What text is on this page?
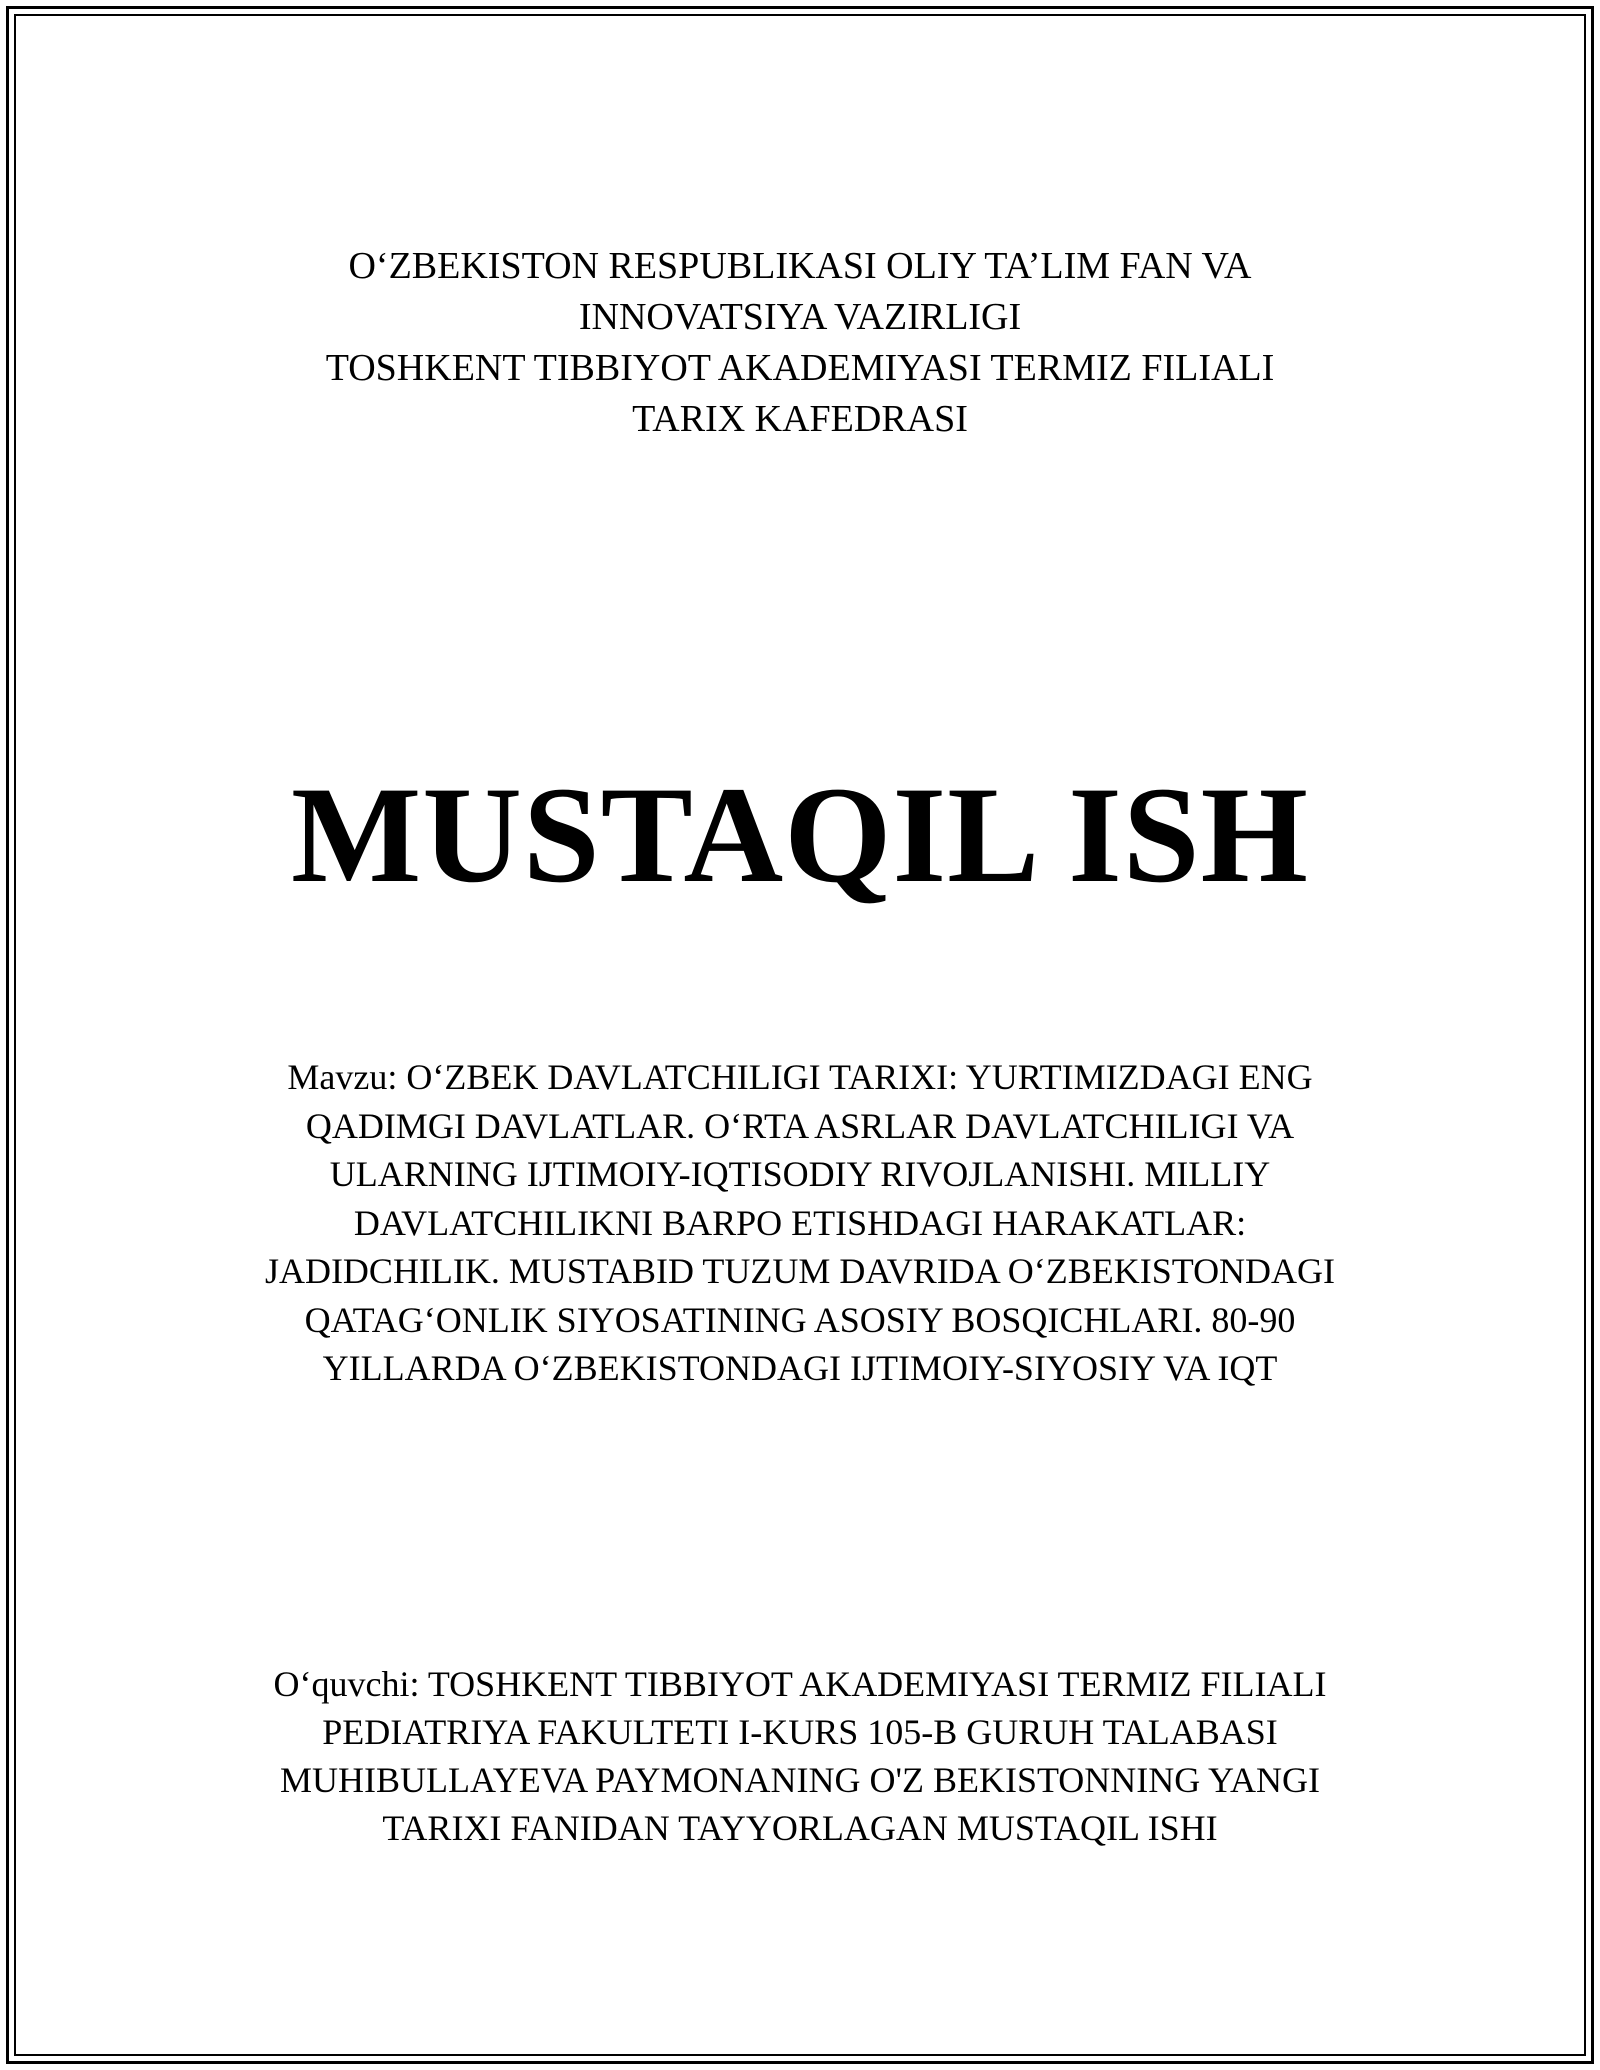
O‘ZBEKISTON RESPUBLIKASI OLIY TA’LIM FAN VA
INNOVATSIYA VAZIRLIGI
TOSHKENT TIBBIYOT AKADEMIYASI TERMIZ FILIALI
TARIX KAFEDRASI
MUSTAQIL ISH
Mavzu: O‘ZBEK DAVLATCHILIGI TARIXI: YURTIMIZDAGI ENG
QADIMGI DAVLATLAR. O‘RTA ASRLAR DAVLATCHILIGI VA
ULARNING IJTIMOIY-IQTISODIY RIVOJLANISHI. MILLIY
DAVLATCHILIKNI BARPO ETISHDAGI HARAKATLAR:
JADIDCHILIK. MUSTABID TUZUM DAVRIDA O‘ZBEKISTONDAGI
QATAG‘ONLIK SIYOSATINING ASOSIY BOSQICHLARI. 80-90
YILLARDA O‘ZBEKISTONDAGI IJTIMOIY-SIYOSIY VA IQT
O‘quvchi: TOSHKENT TIBBIYOT AKADEMIYASI TERMIZ FILIALI
PEDIATRIYA FAKULTETI I-KURS 105-B GURUH TALABASI
MUHIBULLAYEVA PAYMONANING O'Z BEKISTONNING YANGI
TARIXI FANIDAN TAYYORLAGAN MUSTAQIL ISHI
